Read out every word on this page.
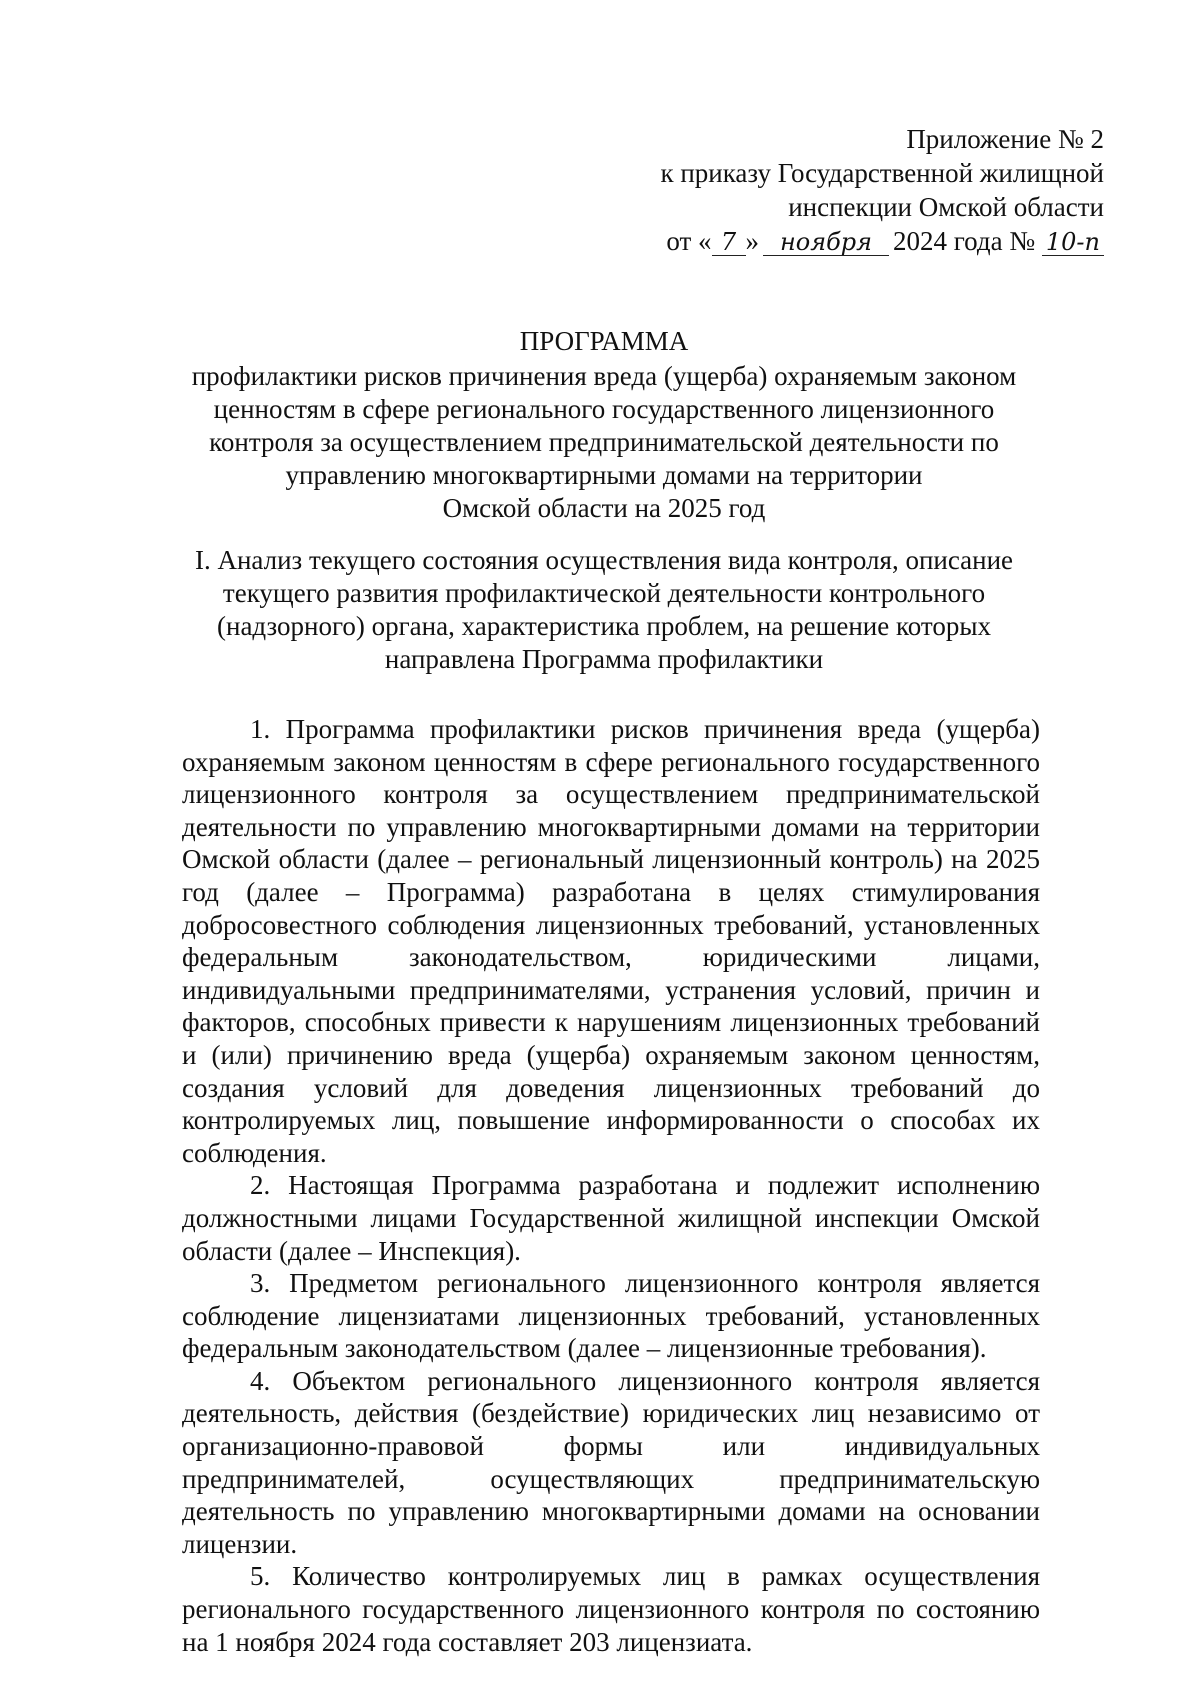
Приложение № 2
к приказу Государственной жилищной
инспекции Омской области
от « 7 » ноября 2024 года № 10-п
ПРОГРАММА
профилактики рисков причинения вреда (ущерба) охраняемым законом
ценностям в сфере регионального государственного лицензионного
контроля за осуществлением предпринимательской деятельности по
управлению многоквартирными домами на территории
Омской области на 2025 год
I. Анализ текущего состояния осуществления вида контроля, описание
текущего развития профилактической деятельности контрольного
(надзорного) органа, характеристика проблем, на решение которых
направлена Программа профилактики

1. Программа профилактики рисков причинения вреда (ущерба) охраняемым законом ценностям в сфере регионального государственного лицензионного контроля за осуществлением предпринимательской деятельности по управлению многоквартирными домами на территории Омской области (далее – региональный лицензионный контроль) на 2025 год (далее – Программа) разработана в целях стимулирования добросовестного соблюдения лицензионных требований, установленных федеральным законодательством, юридическими лицами, индивидуальными предпринимателями, устранения условий, причин и факторов, способных привести к нарушениям лицензионных требований и (или) причинению вреда (ущерба) охраняемым законом ценностям, создания условий для доведения лицензионных требований до контролируемых лиц, повышение информированности о способах их соблюдения.

2. Настоящая Программа разработана и подлежит исполнению должностными лицами Государственной жилищной инспекции Омской области (далее – Инспекция).

3. Предметом регионального лицензионного контроля является соблюдение лицензиатами лицензионных требований, установленных федеральным законодательством (далее – лицензионные требования).

4. Объектом регионального лицензионного контроля является деятельность, действия (бездействие) юридических лиц независимо от организационно-правовой формы или индивидуальных предпринимателей, осуществляющих предпринимательскую деятельность по управлению многоквартирными домами на основании лицензии.

5. Количество контролируемых лиц в рамках осуществления регионального государственного лицензионного контроля по состоянию на 1 ноября 2024 года составляет 203 лицензиата.
